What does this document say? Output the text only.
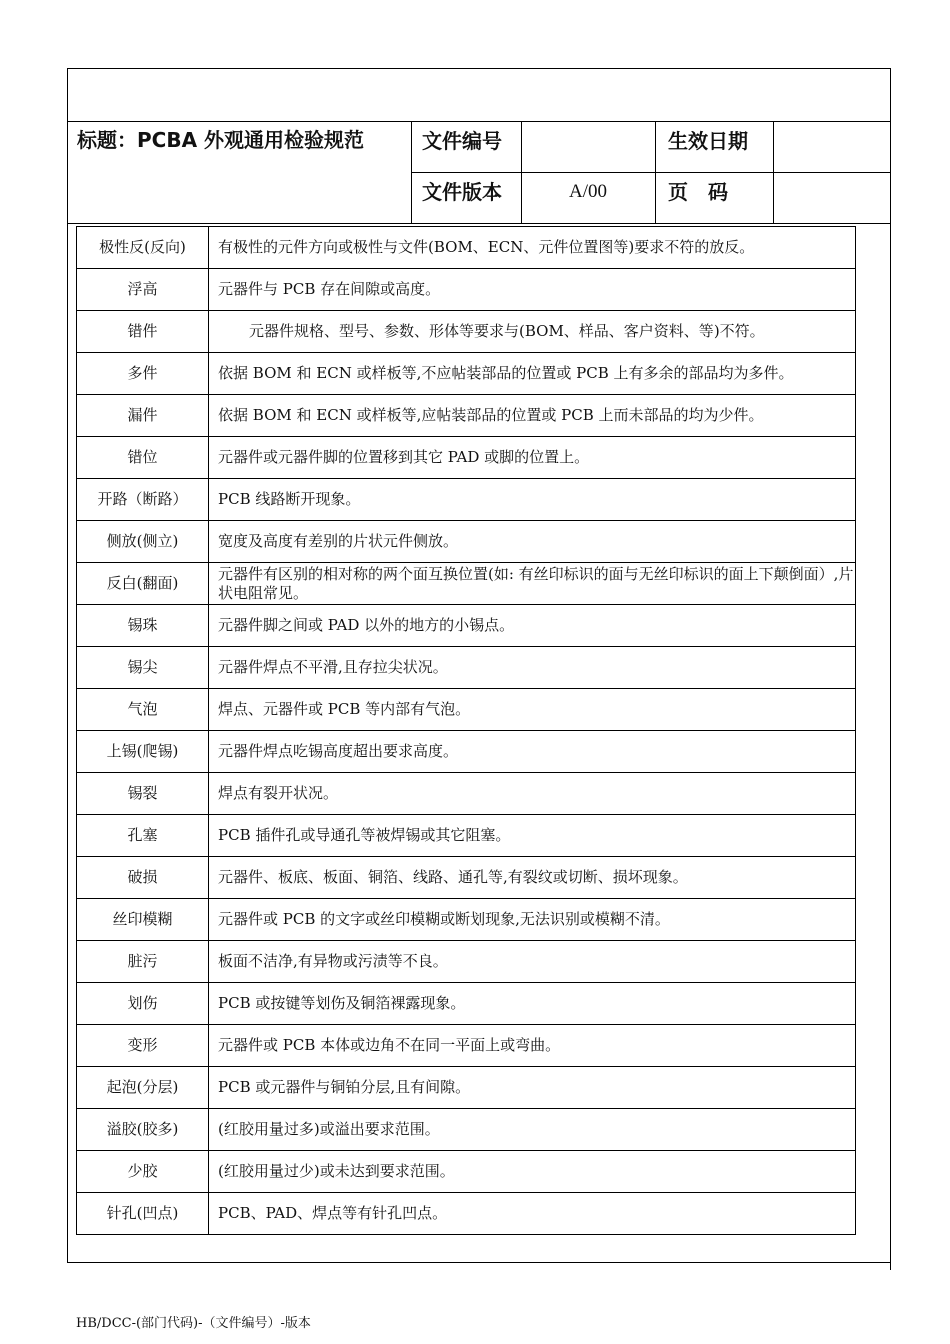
标题：PCBA 外观通用检验规范	文件编号	生效日期
文件版本	A/00	页码
极性反(反向)	有极性的元件方向或极性与文件(BOM、ECN、元件位置图等)要求不符的放反。
浮高	元器件与 PCB 存在间隙或高度。
错件	元器件规格、型号、参数、形体等要求与(BOM、样品、客户资料、等)不符。
多件	依据 BOM 和 ECN 或样板等,不应帖装部品的位置或 PCB 上有多余的部品均为多件。
漏件	依据 BOM 和 ECN 或样板等,应帖装部品的位置或 PCB 上而未部品的均为少件。
错位	元器件或元器件脚的位置移到其它 PAD 或脚的位置上。
开路（断路）	PCB 线路断开现象。
侧放(侧立)	宽度及高度有差别的片状元件侧放。
反白(翻面)	元器件有区别的相对称的两个面互换位置(如: 有丝印标识的面与无丝印标识的面上下颠倒面）,片状电阻常见。
锡珠	元器件脚之间或 PAD 以外的地方的小锡点。
锡尖	元器件焊点不平滑,且存拉尖状况。
气泡	焊点、元器件或 PCB 等内部有气泡。
上锡(爬锡)	元器件焊点吃锡高度超出要求高度。
锡裂	焊点有裂开状况。
孔塞	PCB 插件孔或导通孔等被焊锡或其它阻塞。
破损	元器件、板底、板面、铜箔、线路、通孔等,有裂纹或切断、损坏现象。
丝印模糊	元器件或 PCB 的文字或丝印模糊或断划现象,无法识别或模糊不清。
脏污	板面不洁净,有异物或污渍等不良。
划伤	PCB 或按键等划伤及铜箔裸露现象。
变形	元器件或 PCB 本体或边角不在同一平面上或弯曲。
起泡(分层)	PCB 或元器件与铜铂分层,且有间隙。
溢胶(胶多)	(红胶用量过多)或溢出要求范围。
少胶	(红胶用量过少)或未达到要求范围。
针孔(凹点)	PCB、PAD、焊点等有针孔凹点。
HB/DCC-(部门代码)-（文件编号）-版本
